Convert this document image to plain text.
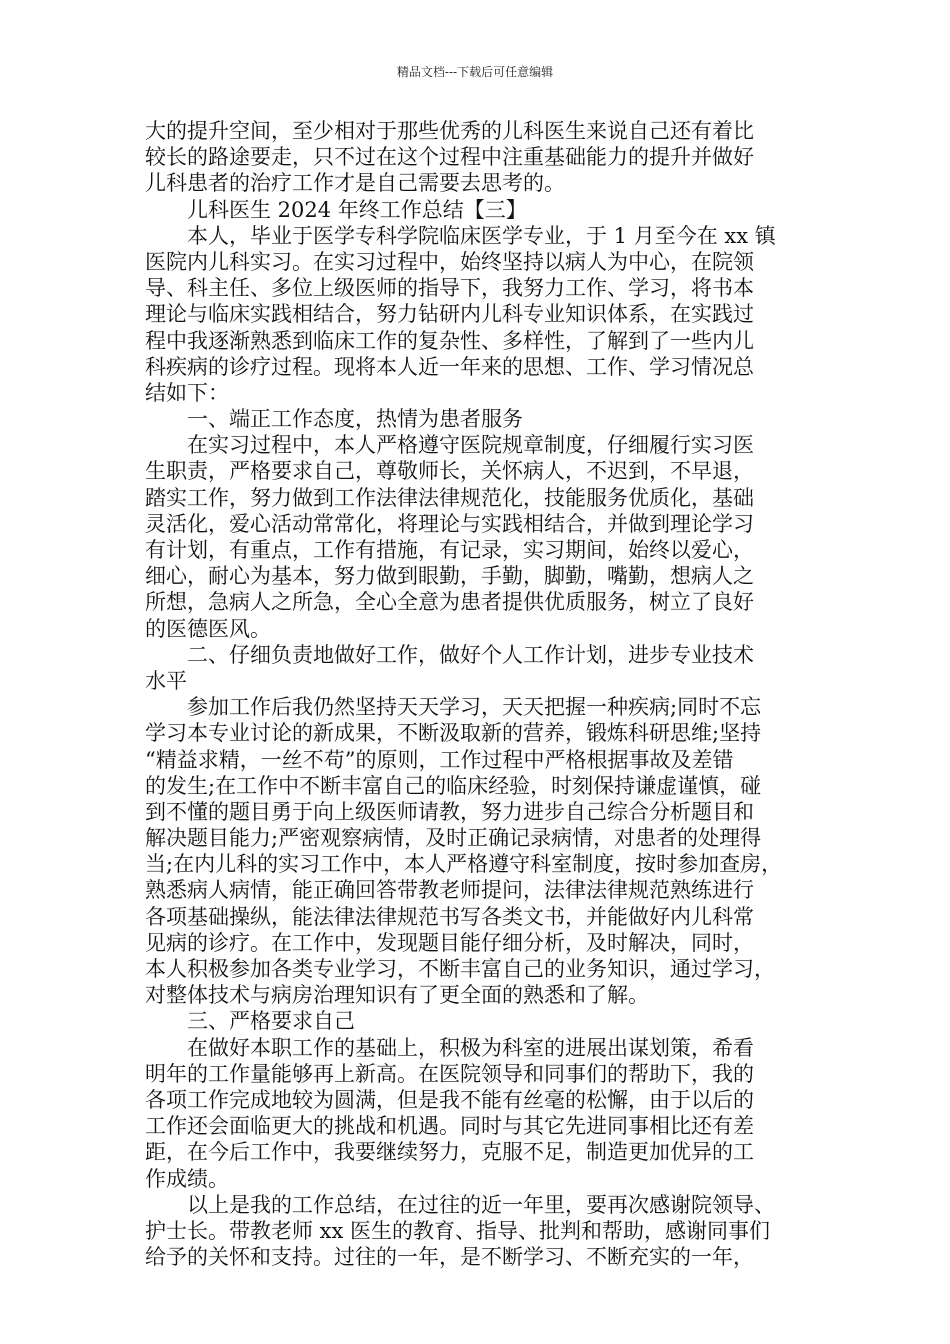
精品文档---下载后可任意编辑
大的提升空间，至少相对于那些优秀的儿科医生来说自己还有着比
较长的路途要走，只不过在这个过程中注重基础能力的提升并做好
儿科患者的治疗工作才是自己需要去思考的。
儿科医生 2024 年终工作总结【三】
本人，毕业于医学专科学院临床医学专业，于 1 月至今在 xx 镇
医院内儿科实习。在实习过程中，始终坚持以病人为中心，在院领
导、科主任、多位上级医师的指导下，我努力工作、学习，将书本
理论与临床实践相结合，努力钻研内儿科专业知识体系，在实践过
程中我逐渐熟悉到临床工作的复杂性、多样性，了解到了一些内儿
科疾病的诊疗过程。现将本人近一年来的思想、工作、学习情况总
结如下：
一、端正工作态度，热情为患者服务
在实习过程中，本人严格遵守医院规章制度，仔细履行实习医
生职责，严格要求自己，尊敬师长，关怀病人，不迟到，不早退，
踏实工作，努力做到工作法律法律规范化，技能服务优质化，基础
灵活化，爱心活动常常化，将理论与实践相结合，并做到理论学习
有计划，有重点，工作有措施，有记录，实习期间，始终以爱心，
细心，耐心为基本，努力做到眼勤，手勤，脚勤，嘴勤，想病人之
所想，急病人之所急，全心全意为患者提供优质服务，树立了良好
的医德医风。
二、仔细负责地做好工作，做好个人工作计划，进步专业技术
水平
参加工作后我仍然坚持天天学习，天天把握一种疾病;同时不忘
学习本专业讨论的新成果，不断汲取新的营养，锻炼科研思维;坚持
“精益求精，一丝不苟”的原则，工作过程中严格根据事故及差错
的发生;在工作中不断丰富自己的临床经验，时刻保持谦虚谨慎，碰
到不懂的题目勇于向上级医师请教，努力进步自己综合分析题目和
解决题目能力;严密观察病情，及时正确记录病情，对患者的处理得
当;在内儿科的实习工作中，本人严格遵守科室制度，按时参加查房，
熟悉病人病情，能正确回答带教老师提问，法律法律规范熟练进行
各项基础操纵，能法律法律规范书写各类文书，并能做好内儿科常
见病的诊疗。在工作中，发现题目能仔细分析，及时解决，同时，
本人积极参加各类专业学习，不断丰富自己的业务知识，通过学习，
对整体技术与病房治理知识有了更全面的熟悉和了解。
三、严格要求自己
在做好本职工作的基础上，积极为科室的进展出谋划策，希看
明年的工作量能够再上新高。在医院领导和同事们的帮助下，我的
各项工作完成地较为圆满，但是我不能有丝毫的松懈，由于以后的
工作还会面临更大的挑战和机遇。同时与其它先进同事相比还有差
距，在今后工作中，我要继续努力，克服不足，制造更加优异的工
作成绩。
以上是我的工作总结，在过往的近一年里，要再次感谢院领导、
护士长。带教老师 xx 医生的教育、指导、批判和帮助，感谢同事们
给予的关怀和支持。过往的一年，是不断学习、不断充实的一年，
